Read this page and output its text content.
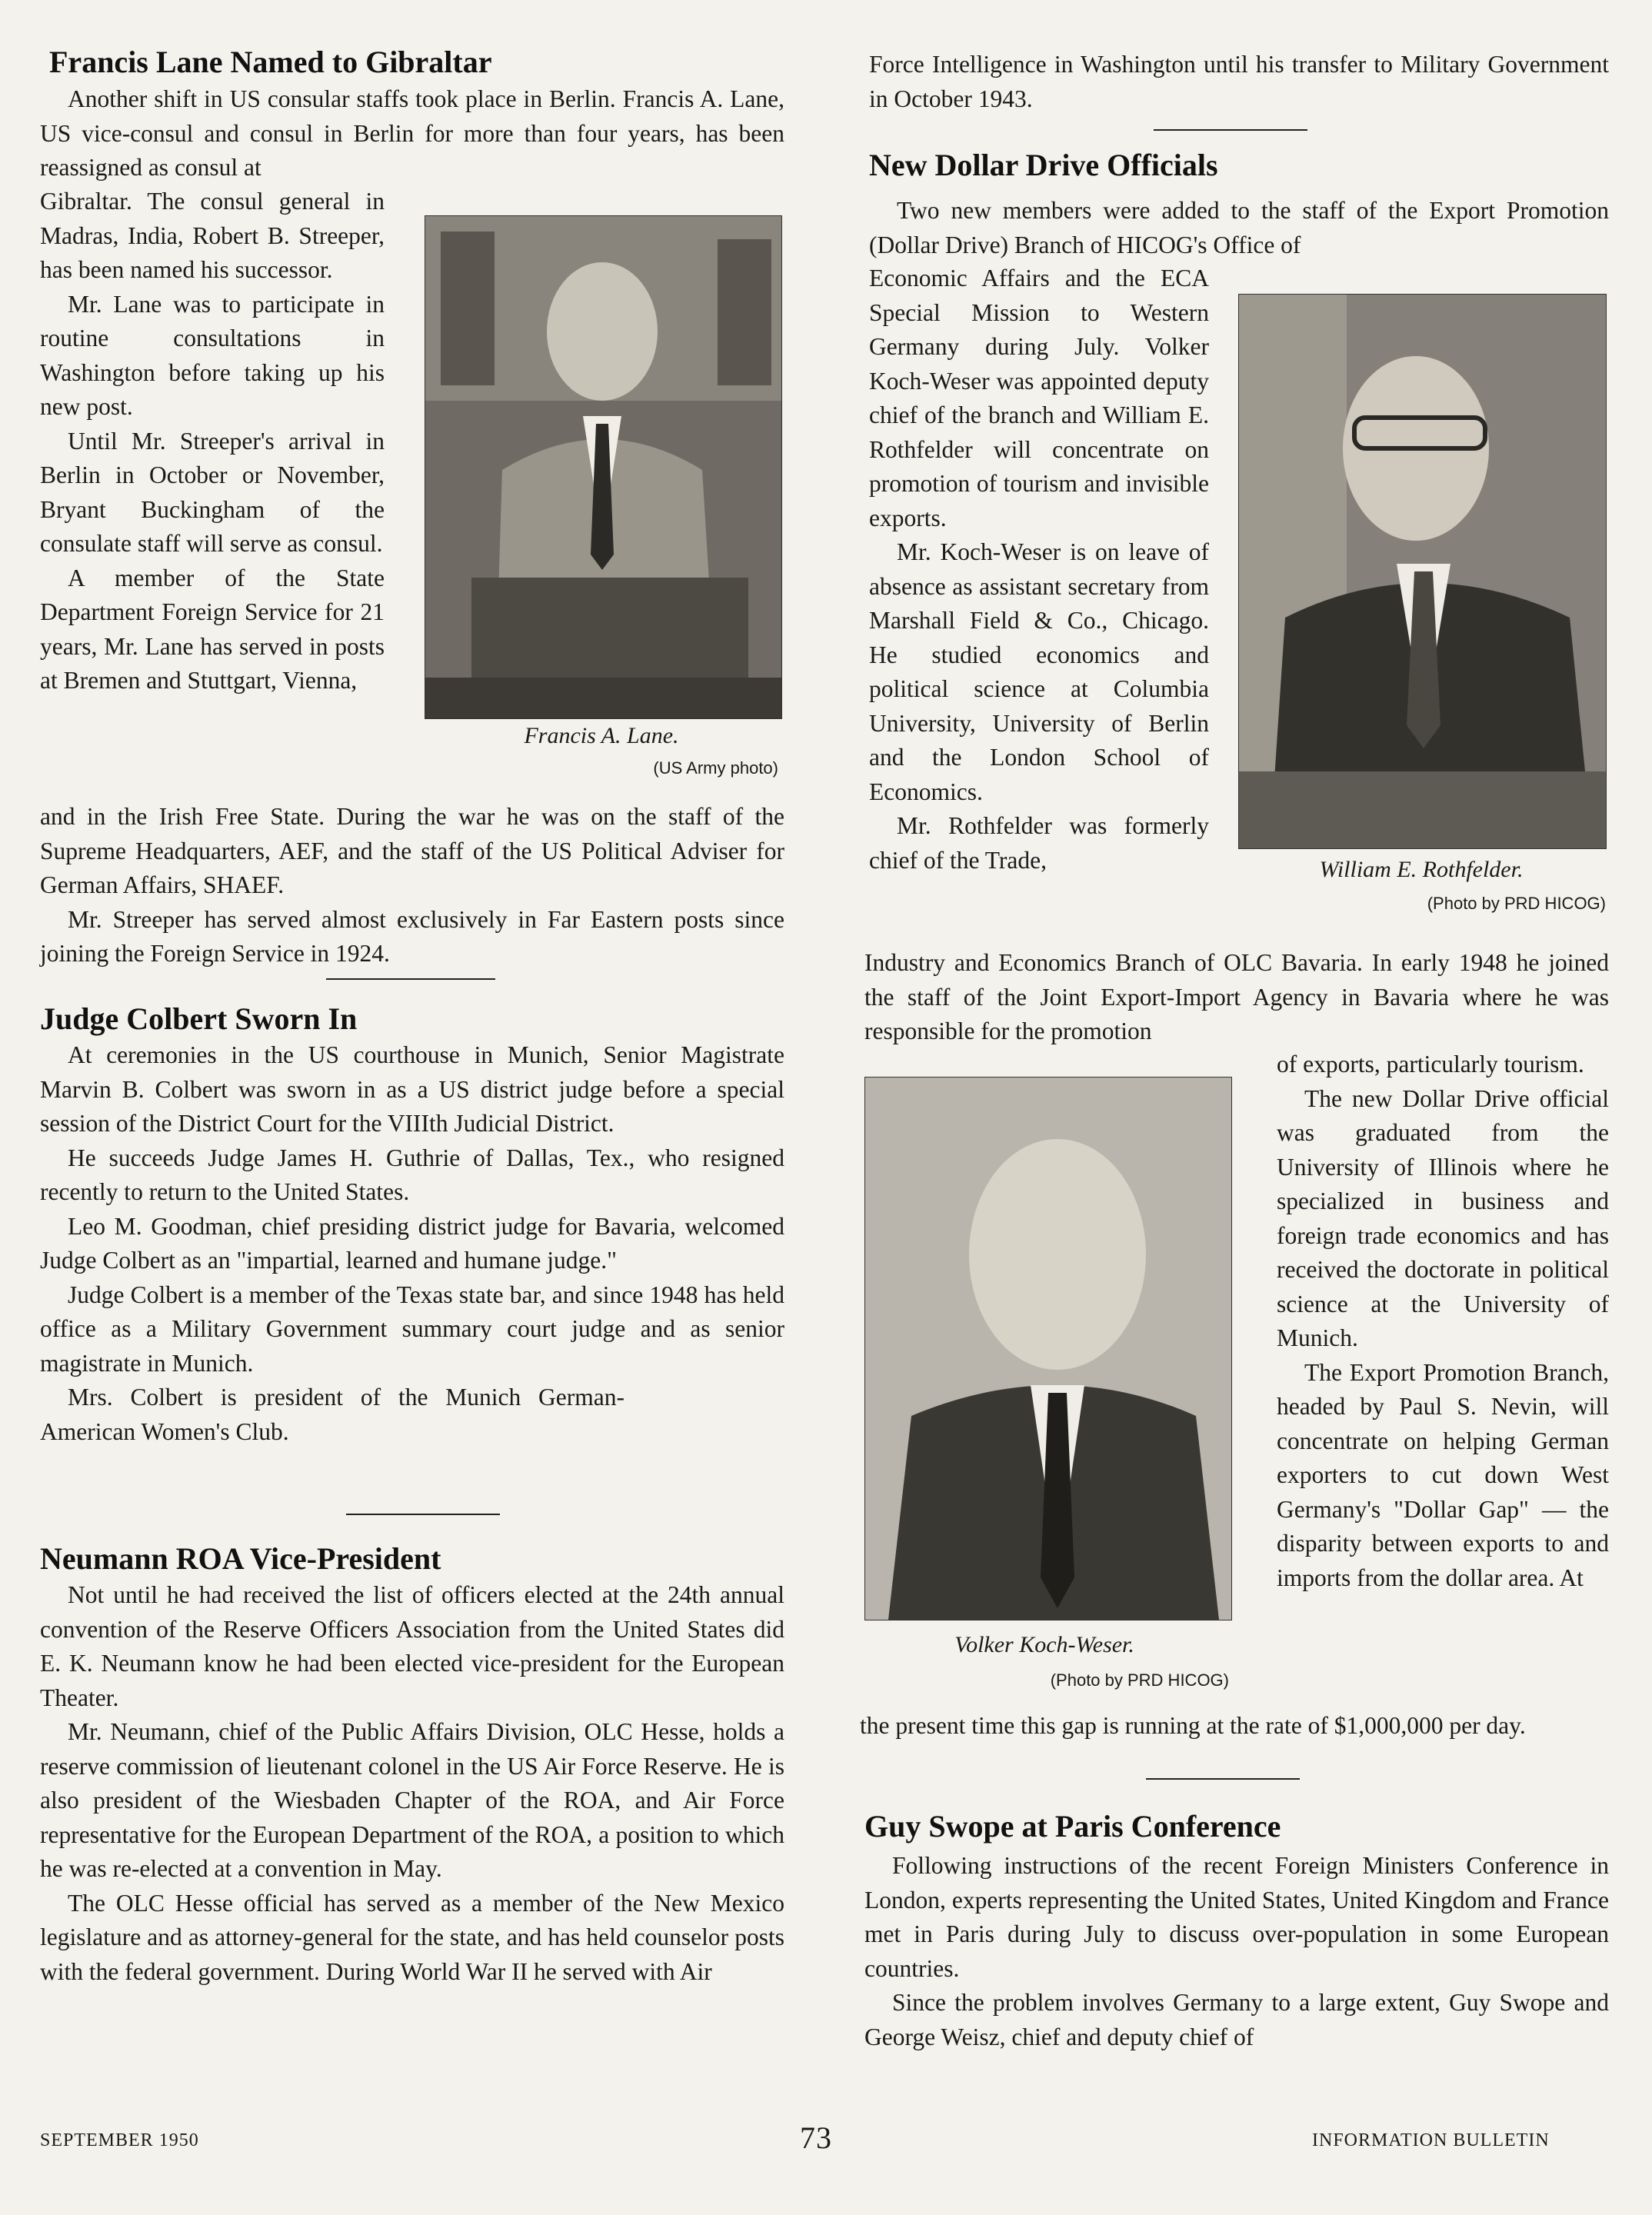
Francis Lane Named to Gibraltar

Another shift in US consular staffs took place in Berlin. Francis A. Lane, US vice-consul and consul in Berlin for more than four years, has been reassigned as consul at

Gibraltar. The consul general in Madras, India, Robert B. Streeper, has been named his successor.

Mr. Lane was to participate in routine consultations in Washington before taking up his new post.

Until Mr. Streeper's arrival in Berlin in October or November, Bryant Buckingham of the consulate staff will serve as consul.

A member of the State Department Foreign Service for 21 years, Mr. Lane has served in posts at Bremen and Stuttgart, Vienna,

Francis A. Lane.
(US Army photo)

and in the Irish Free State. During the war he was on the staff of the Supreme Headquarters, AEF, and the staff of the US Political Adviser for German Affairs, SHAEF.

Mr. Streeper has served almost exclusively in Far Eastern posts since joining the Foreign Service in 1924.

Judge Colbert Sworn In

At ceremonies in the US courthouse in Munich, Senior Magistrate Marvin B. Colbert was sworn in as a US district judge before a special session of the District Court for the VIIIth Judicial District.

He succeeds Judge James H. Guthrie of Dallas, Tex., who resigned recently to return to the United States.

Leo M. Goodman, chief presiding district judge for Bavaria, welcomed Judge Colbert as an "impartial, learned and humane judge."

Judge Colbert is a member of the Texas state bar, and since 1948 has held office as a Military Government summary court judge and as senior magistrate in Munich.

Mrs. Colbert is president of the Munich German-American Women's Club.

Neumann ROA Vice-President

Not until he had received the list of officers elected at the 24th annual convention of the Reserve Officers Association from the United States did E. K. Neumann know he had been elected vice-president for the European Theater.

Mr. Neumann, chief of the Public Affairs Division, OLC Hesse, holds a reserve commission of lieutenant colonel in the US Air Force Reserve. He is also president of the Wiesbaden Chapter of the ROA, and Air Force representative for the European Department of the ROA, a position to which he was re-elected at a convention in May.

The OLC Hesse official has served as a member of the New Mexico legislature and as attorney-general for the state, and has held counselor posts with the federal government. During World War II he served with Air

Force Intelligence in Washington until his transfer to Military Government in October 1943.

New Dollar Drive Officials

Two new members were added to the staff of the Export Promotion (Dollar Drive) Branch of HICOG's Office of

Economic Affairs and the ECA Special Mission to Western Germany during July. Volker Koch-Weser was appointed deputy chief of the branch and William E. Rothfelder will concentrate on promotion of tourism and invisible exports.

Mr. Koch-Weser is on leave of absence as assistant secretary from Marshall Field & Co., Chicago. He studied economics and political science at Columbia University, University of Berlin and the London School of Economics.

Mr. Rothfelder was formerly chief of the Trade,	William E. Rothfelder.
(Photo by PRD HICOG)

Industry and Economics Branch of OLC Bavaria. In early 1948 he joined the staff of the Joint Export-Import Agency in Bavaria where he was responsible for the promotion

of exports, particularly tourism.

The new Dollar Drive official was graduated from the University of Illinois where he specialized in business and foreign trade economics and has received the doctorate in political science at the University of Munich.

The Export Promotion Branch, headed by Paul S. Nevin, will concentrate on helping German exporters to cut down West Germany's "Dollar Gap" — the disparity between exports to and imports from the dollar area. At

Volker Koch-Weser.
(Photo by PRD HICOG)

the present time this gap is running at the rate of $1,000,000 per day.

Guy Swope at Paris Conference

Following instructions of the recent Foreign Ministers Conference in London, experts representing the United States, United Kingdom and France met in Paris during July to discuss over-population in some European countries.

Since the problem involves Germany to a large extent, Guy Swope and George Weisz, chief and deputy chief of

SEPTEMBER 1950	73	INFORMATION BULLETIN
